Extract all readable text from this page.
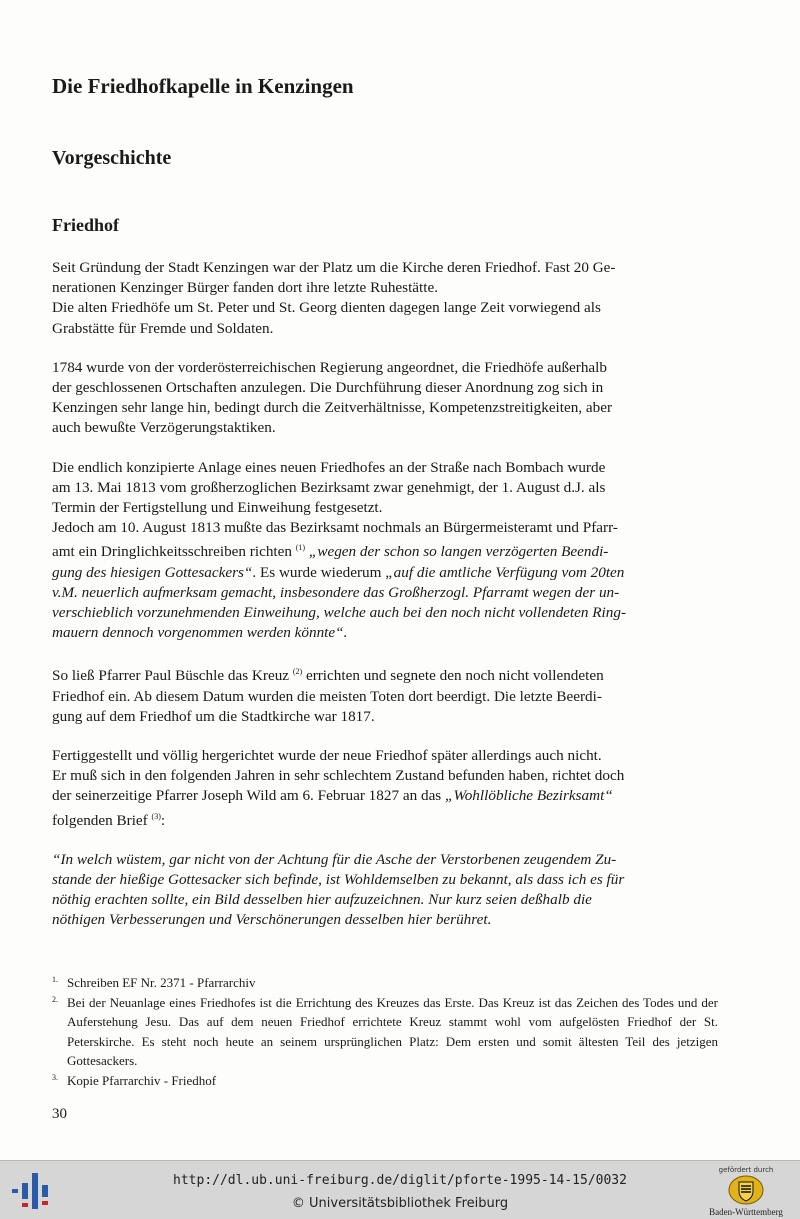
Die Friedhofkapelle in Kenzingen
Vorgeschichte
Friedhof

Seit Gründung der Stadt Kenzingen war der Platz um die Kirche deren Friedhof. Fast 20 Ge-
nerationen Kenzinger Bürger fanden dort ihre letzte Ruhestätte.
Die alten Friedhöfe um St. Peter und St. Georg dienten dagegen lange Zeit vorwiegend als
Grabstätte für Fremde und Soldaten.

1784 wurde von der vorderösterreichischen Regierung angeordnet, die Friedhöfe außerhalb
der geschlossenen Ortschaften anzulegen. Die Durchführung dieser Anordnung zog sich in
Kenzingen sehr lange hin, bedingt durch die Zeitverhältnisse, Kompetenzstreitigkeiten, aber
auch bewußte Verzögerungstaktiken.

Die endlich konzipierte Anlage eines neuen Friedhofes an der Straße nach Bombach wurde
am 13. Mai 1813 vom großherzoglichen Bezirksamt zwar genehmigt, der 1. August d.J. als
Termin der Fertigstellung und Einweihung festgesetzt.
Jedoch am 10. August 1813 mußte das Bezirksamt nochmals an Bürgermeisteramt und Pfarr-
amt ein Dringlichkeitsschreiben richten $^{(1)}$ „wegen der schon so langen verzögerten Beendi-
gung des hiesigen Gottesackers“. Es wurde wiederum „auf die amtliche Verfügung vom 20ten
v.M. neuerlich aufmerksam gemacht, insbesondere das Großherzogl. Pfarramt wegen der un-
verschieblich vorzunehmenden Einweihung, welche auch bei den noch nicht vollendeten Ring-
mauern dennoch vorgenommen werden könnte“.

So ließ Pfarrer Paul Büschle das Kreuz $^{(2)}$ errichten und segnete den noch nicht vollendeten
Friedhof ein. Ab diesem Datum wurden die meisten Toten dort beerdigt. Die letzte Beerdi-
gung auf dem Friedhof um die Stadtkirche war 1817.

Fertiggestellt und völlig hergerichtet wurde der neue Friedhof später allerdings auch nicht.
Er muß sich in den folgenden Jahren in sehr schlechtem Zustand befunden haben, richtet doch
der seinerzeitige Pfarrer Joseph Wild am 6. Februar 1827 an das „Wohllöbliche Bezirksamt“
folgenden Brief $^{(3)}$:

“In welch wüstem, gar nicht von der Achtung für die Asche der Verstorbenen zeugendem Zu-
stande der hießige Gottesacker sich befinde, ist Wohldemselben zu bekannt, als dass ich es für
nöthig erachten sollte, ein Bild desselben hier aufzuzeichnen. Nur kurz seien deßhalb die
nöthigen Verbesserungen und Verschönerungen desselben hier berühret.

1. Schreiben EF Nr. 2371 - Pfarrarchiv
2. Bei der Neuanlage eines Friedhofes ist die Errichtung des Kreuzes das Erste. Das Kreuz ist das Zeichen des Todes und der Auferstehung Jesu. Das auf dem neuen Friedhof errichtete Kreuz stammt wohl vom aufgelösten Friedhof der St. Peterskirche. Es steht noch heute an seinem ursprünglichen Platz: Dem ersten und somit ältesten Teil des jetzigen Gottesackers.
3. Kopie Pfarrarchiv - Friedhof
30
http://dl.ub.uni-freiburg.de/diglit/pforte-1995-14-15/0032
© Universitätsbibliothek Freiburg
gefördert durch
Baden-Württemberg
